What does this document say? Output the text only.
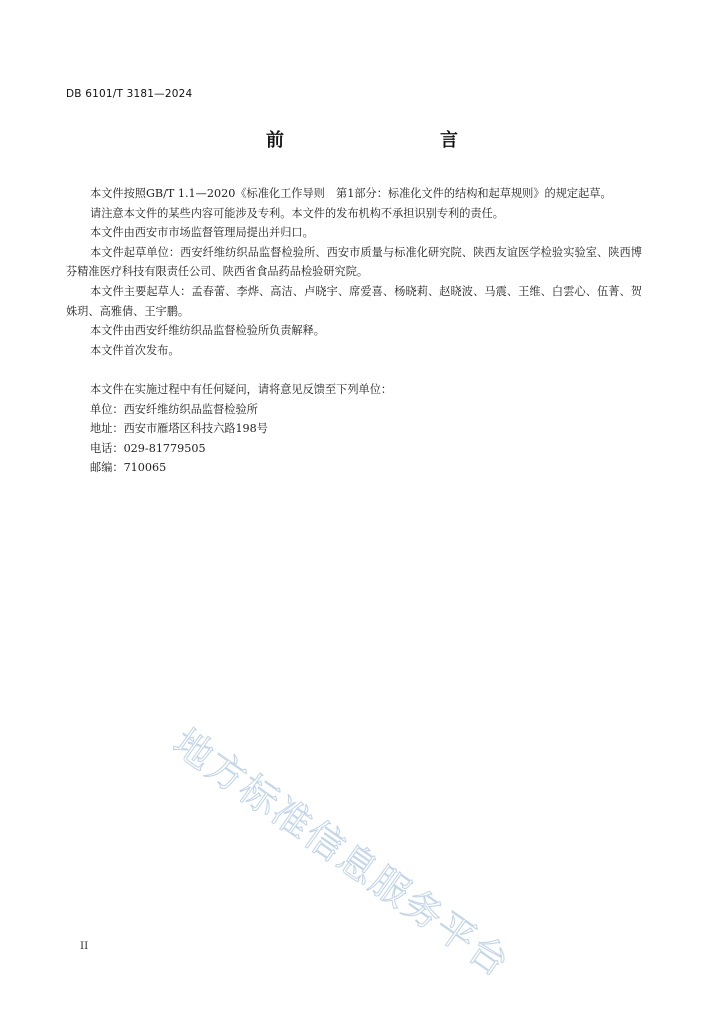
DB 6101/T 3181—2024
前　　言

本文件按照GB/T 1.1—2020《标准化工作导则　第1部分：标准化文件的结构和起草规则》的规定起草。

请注意本文件的某些内容可能涉及专利。本文件的发布机构不承担识别专利的责任。

本文件由西安市市场监督管理局提出并归口。

本文件起草单位：西安纤维纺织品监督检验所、西安市质量与标准化研究院、陕西友谊医学检验实验室、陕西博芬精准医疗科技有限责任公司、陕西省食品药品检验研究院。

本文件主要起草人：孟春蕾、李烨、高洁、卢晓宇、席爱喜、杨晓莉、赵晓波、马震、王维、白雲心、伍菁、贺姝玥、高雅倩、王宇鹏。

本文件由西安纤维纺织品监督检验所负责解释。

本文件首次发布。

本文件在实施过程中有任何疑问，请将意见反馈至下列单位：

单位：西安纤维纺织品监督检验所

地址：西安市雁塔区科技六路198号

电话：029-81779505

邮编：710065

地方标准信息服务平台
II
